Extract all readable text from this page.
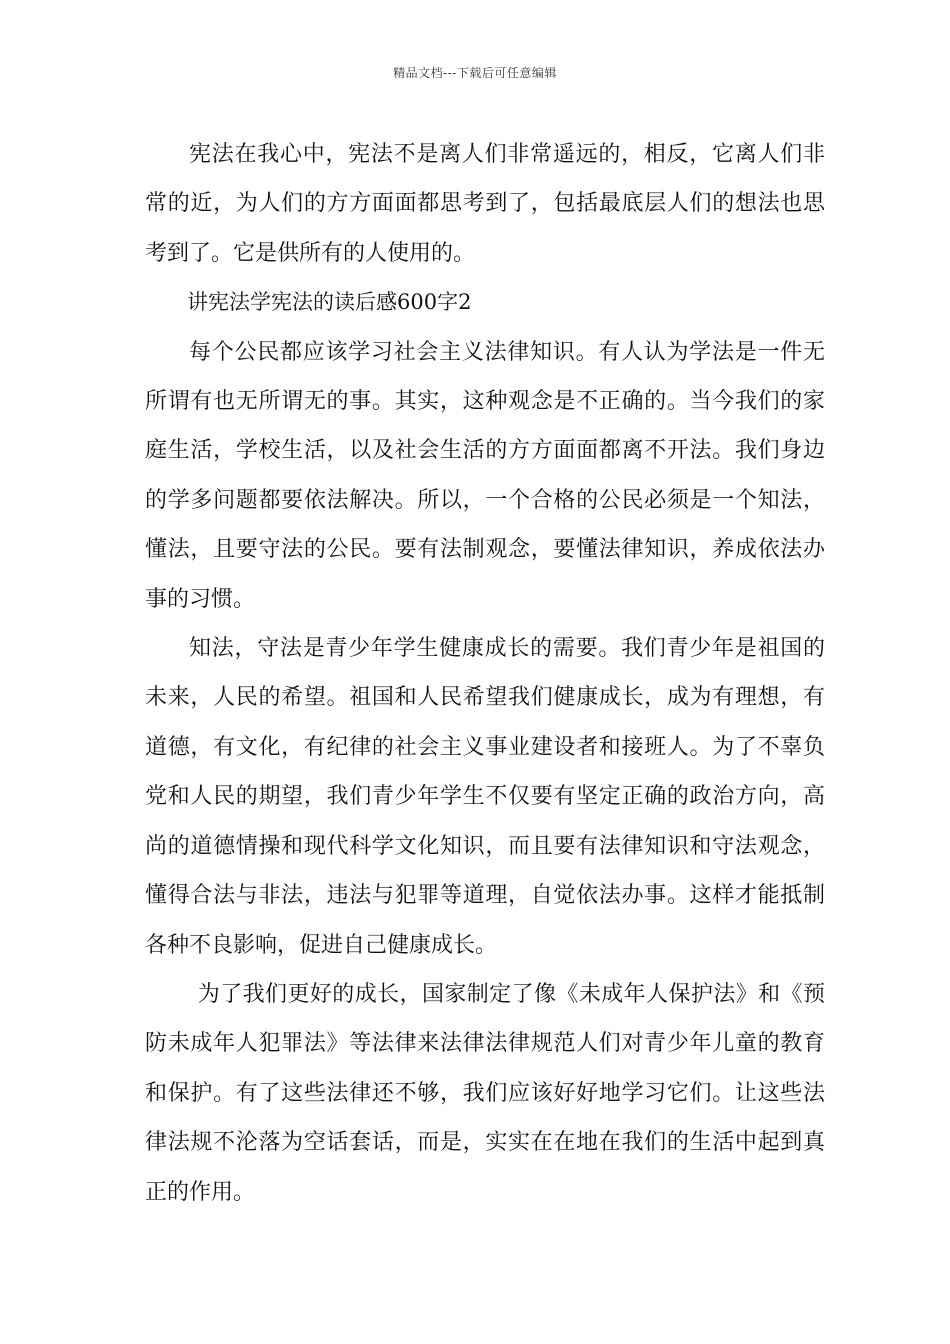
精品文档---下载后可任意编辑

宪法在我心中，宪法不是离人们非常遥远的，相反，它离人们非常的近，为人们的方方面面都思考到了，包括最底层人们的想法也思考到了。它是供所有的人使用的。

讲宪法学宪法的读后感600字2

每个公民都应该学习社会主义法律知识。有人认为学法是一件无所谓有也无所谓无的事。其实，这种观念是不正确的。当今我们的家庭生活，学校生活，以及社会生活的方方面面都离不开法。我们身边的学多问题都要依法解决。所以，一个合格的公民必须是一个知法，懂法，且要守法的公民。要有法制观念，要懂法律知识，养成依法办事的习惯。

知法，守法是青少年学生健康成长的需要。我们青少年是祖国的未来，人民的希望。祖国和人民希望我们健康成长，成为有理想，有道德，有文化，有纪律的社会主义事业建设者和接班人。为了不辜负党和人民的期望，我们青少年学生不仅要有坚定正确的政治方向，高尚的道德情操和现代科学文化知识，而且要有法律知识和守法观念，懂得合法与非法，违法与犯罪等道理，自觉依法办事。这样才能抵制各种不良影响，促进自己健康成长。

为了我们更好的成长，国家制定了像《未成年人保护法》和《预防未成年人犯罪法》等法律来法律法律规范人们对青少年儿童的教育和保护。有了这些法律还不够，我们应该好好地学习它们。让这些法律法规不沦落为空话套话，而是，实实在在地在我们的生活中起到真正的作用。
